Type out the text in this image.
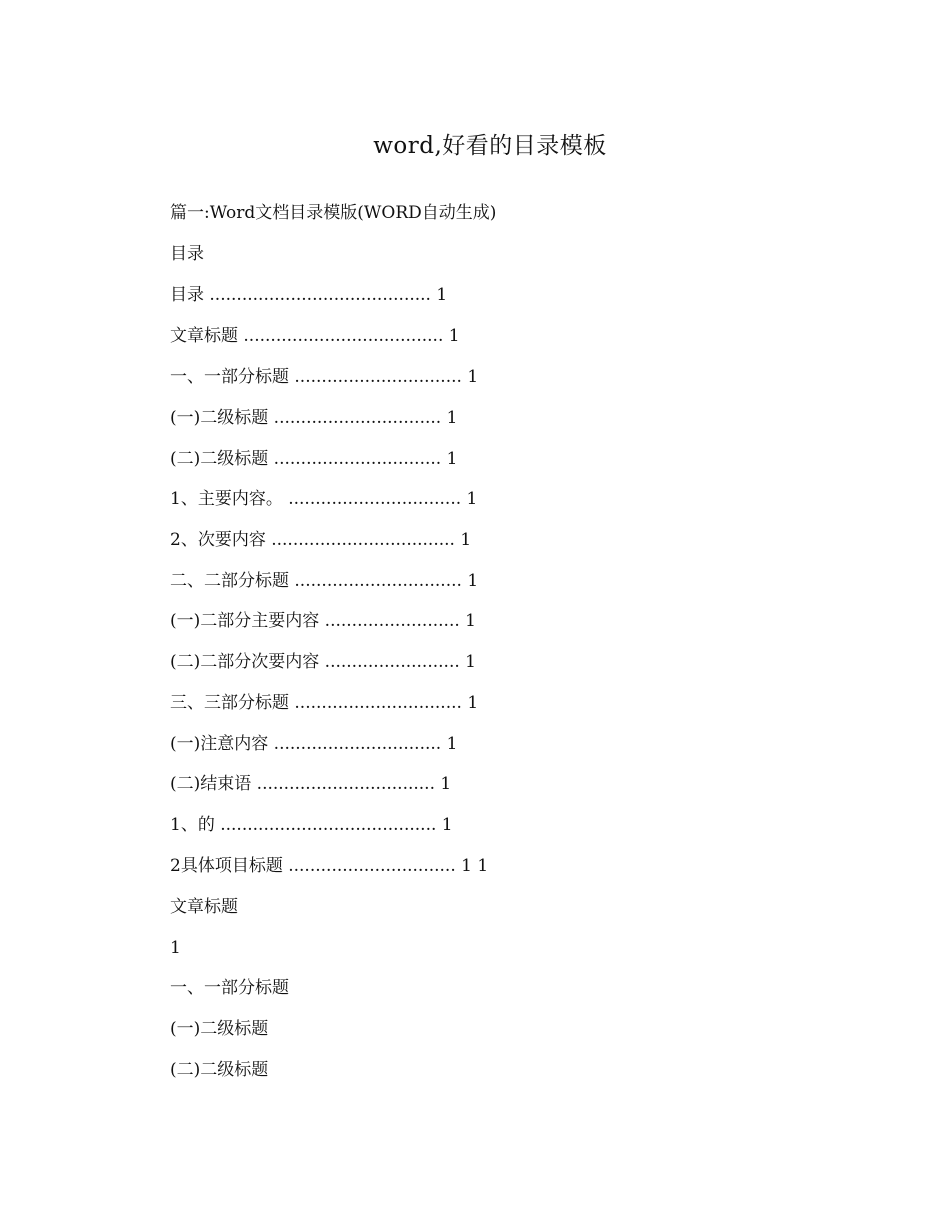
word,好看的目录模板
篇一:Word文档目录模版(WORD自动生成)
目录
目录 ......................................... 1
文章标题 ..................................... 1
一、一部分标题 ............................... 1
(一)二级标题 ............................... 1
(二)二级标题 ............................... 1
1、主要内容。 ................................ 1
2、次要内容 .................................. 1
二、二部分标题 ............................... 1
(一)二部分主要内容 ......................... 1
(二)二部分次要内容 ......................... 1
三、三部分标题 ............................... 1
(一)注意内容 ............................... 1
(二)结束语 ................................. 1
1、的 ........................................ 1
2具体项目标题 ............................... 1 1
文章标题
1
一、一部分标题
(一)二级标题
(二)二级标题
